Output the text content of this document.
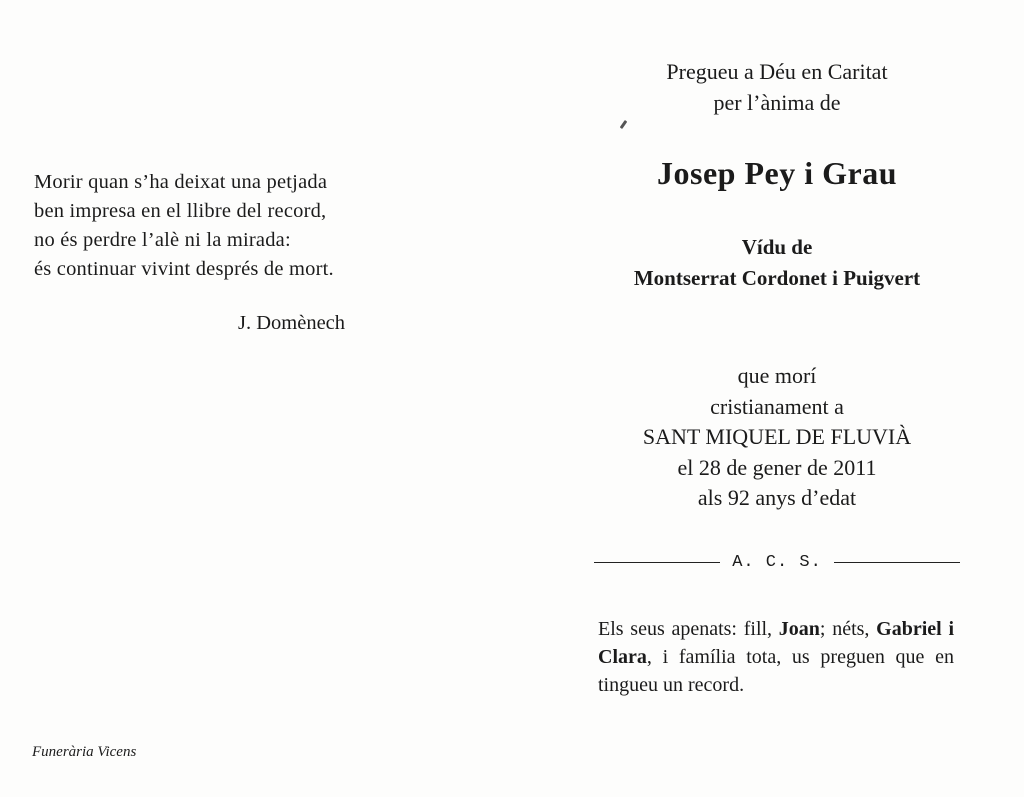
Morir quan s’ha deixat una petjada
ben impresa en el llibre del record,
no és perdre l’alè ni la mirada:
és continuar vivint després de mort.
J. Domènech
Funerària Vicens
Pregueu a Déu en Caritat
per l’ànima de
Josep Pey i Grau
Vídu de
Montserrat Cordonet i Puigvert
que morí
cristianament a
SANT MIQUEL DE FLUVIÀ
el 28 de gener de 2011
als 92 anys d’edat
A. C. S.
Els seus apenats: fill, Joan; néts, Gabriel i Clara, i família tota, us preguen que en tingueu un record.
